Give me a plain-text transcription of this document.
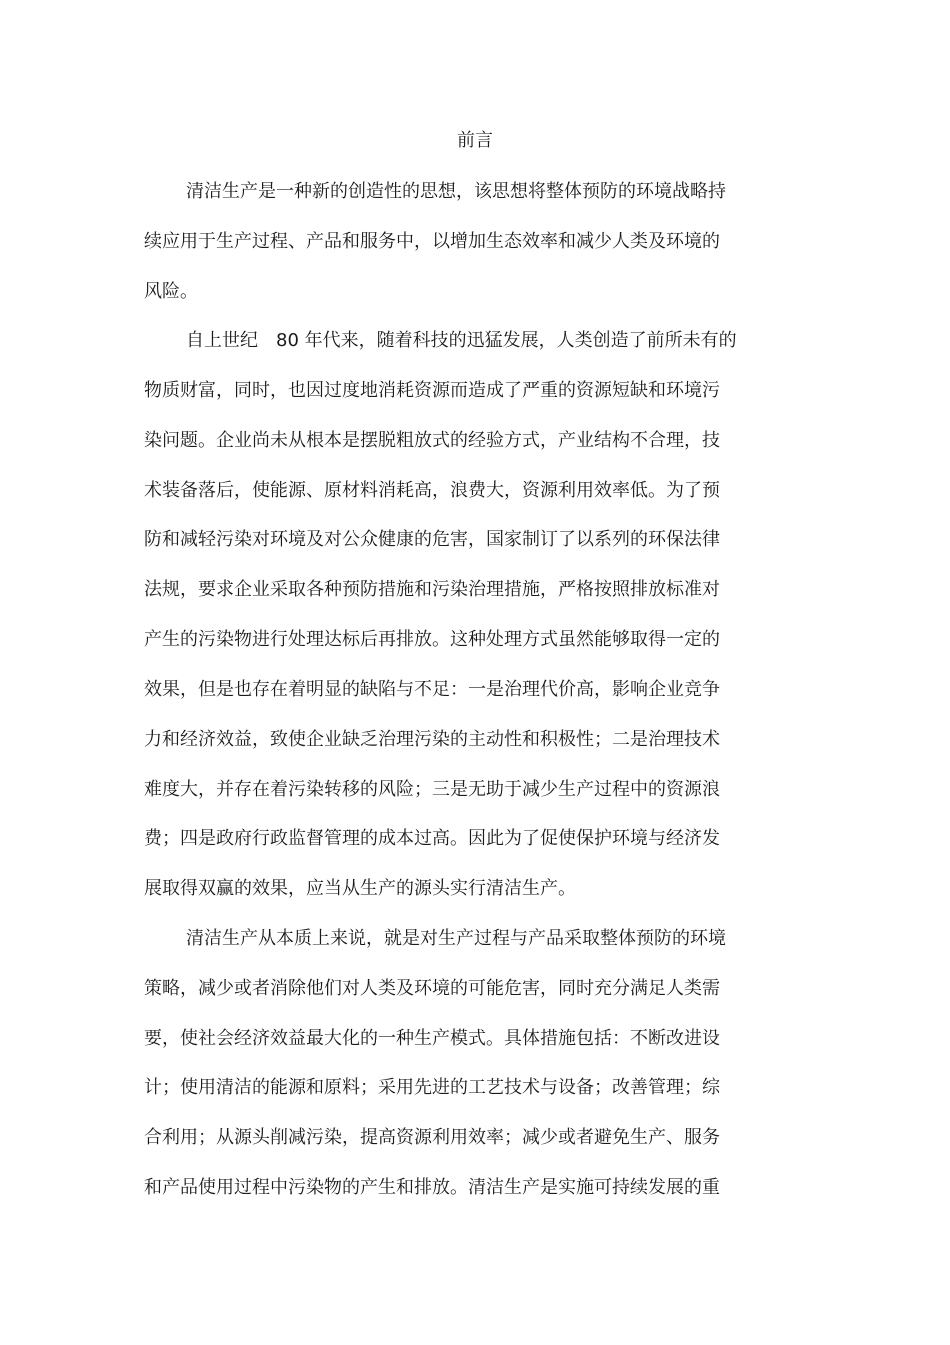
前言
清洁生产是一种新的创造性的思想，该思想将整体预防的环境战略持
续应用于生产过程、产品和服务中，以增加生态效率和减少人类及环境的
风险。
自上世纪　80 年代来，随着科技的迅猛发展，人类创造了前所未有的
物质财富，同时，也因过度地消耗资源而造成了严重的资源短缺和环境污
染问题。企业尚未从根本是摆脱粗放式的经验方式，产业结构不合理，技
术装备落后，使能源、原材料消耗高，浪费大，资源利用效率低。为了预
防和减轻污染对环境及对公众健康的危害，国家制订了以系列的环保法律
法规，要求企业采取各种预防措施和污染治理措施，严格按照排放标准对
产生的污染物进行处理达标后再排放。这种处理方式虽然能够取得一定的
效果，但是也存在着明显的缺陷与不足：一是治理代价高，影响企业竞争
力和经济效益，致使企业缺乏治理污染的主动性和积极性；二是治理技术
难度大，并存在着污染转移的风险；三是无助于减少生产过程中的资源浪
费；四是政府行政监督管理的成本过高。因此为了促使保护环境与经济发
展取得双赢的效果，应当从生产的源头实行清洁生产。
清洁生产从本质上来说，就是对生产过程与产品采取整体预防的环境
策略，减少或者消除他们对人类及环境的可能危害，同时充分满足人类需
要，使社会经济效益最大化的一种生产模式。具体措施包括：不断改进设
计；使用清洁的能源和原料；采用先进的工艺技术与设备；改善管理；综
合利用；从源头削减污染，提高资源利用效率；减少或者避免生产、服务
和产品使用过程中污染物的产生和排放。清洁生产是实施可持续发展的重
